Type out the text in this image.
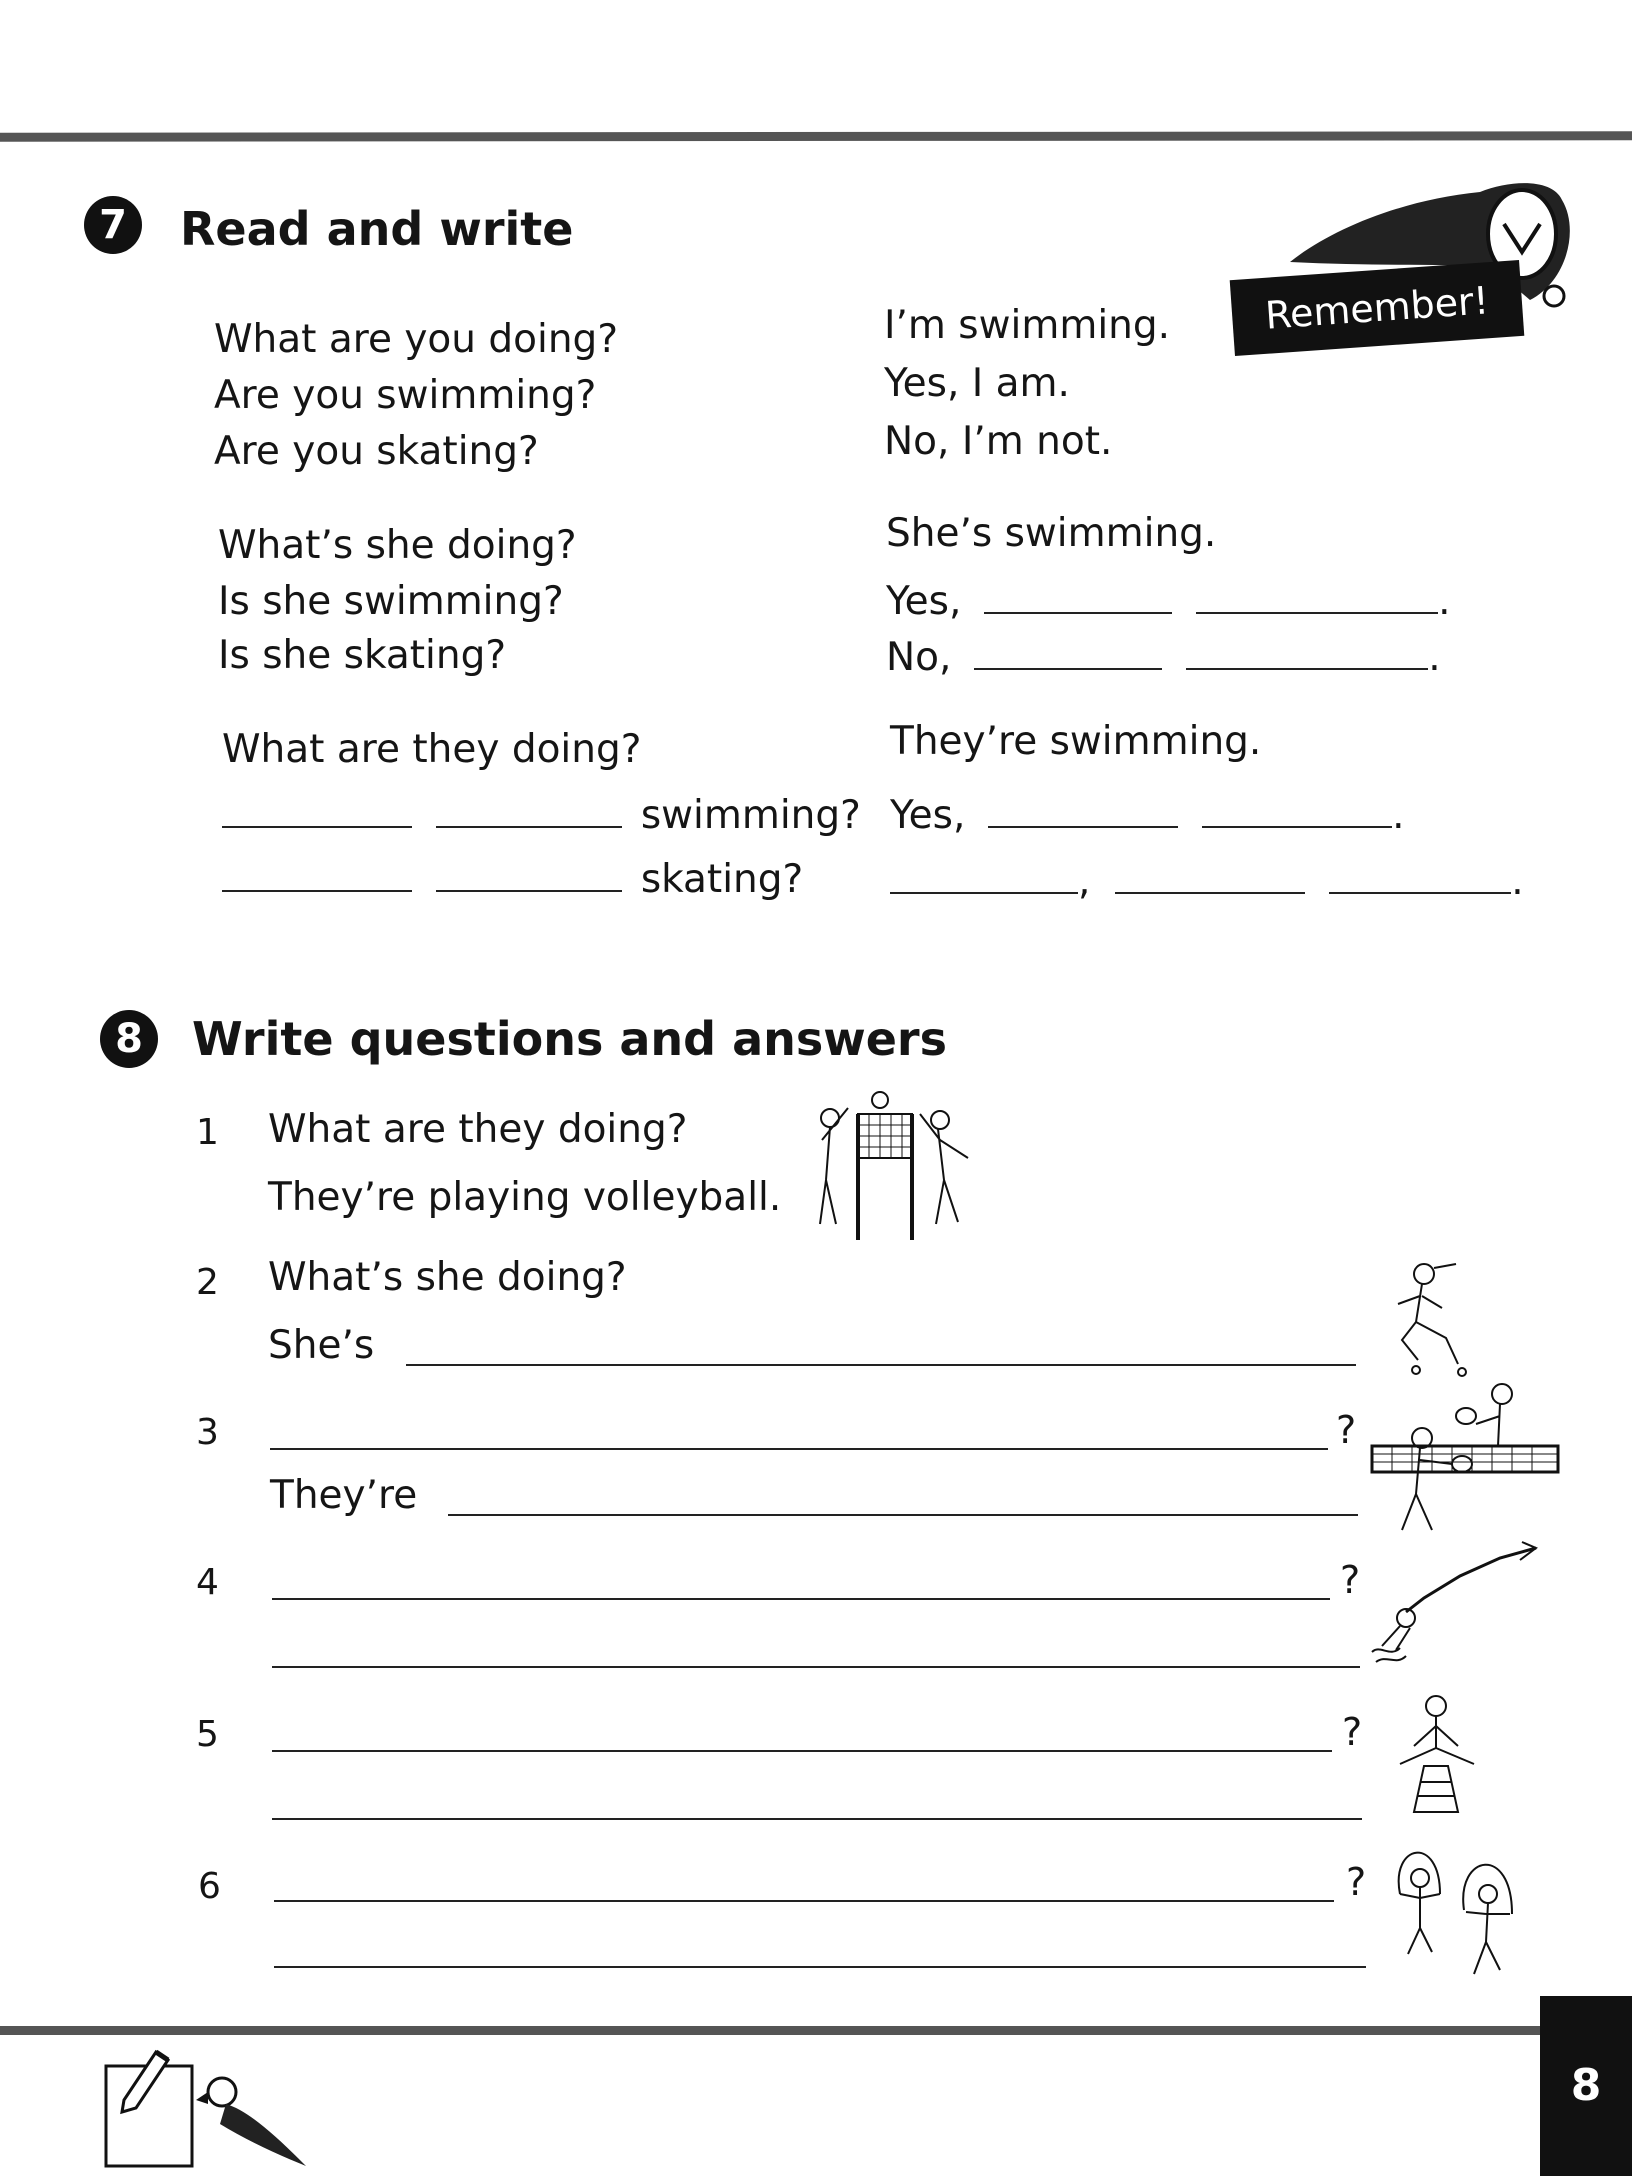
7	Read and write
Remember!
What are you doing?
Are you swimming?
Are you skating?
I’m swimming.
Yes, I am.
No, I’m not.
What’s she doing?
Is she swimming?
Is she skating?
She’s swimming.
Yes,	.
No,	.
What are they doing?
swimming?
skating?
They’re swimming.
Yes,	.
,	.
8	Write questions and answers
1 What are they doing?
They’re playing volleyball.
2 What’s she doing?
She’s
3	?
They’re
4	?
5	?
6	?
8
